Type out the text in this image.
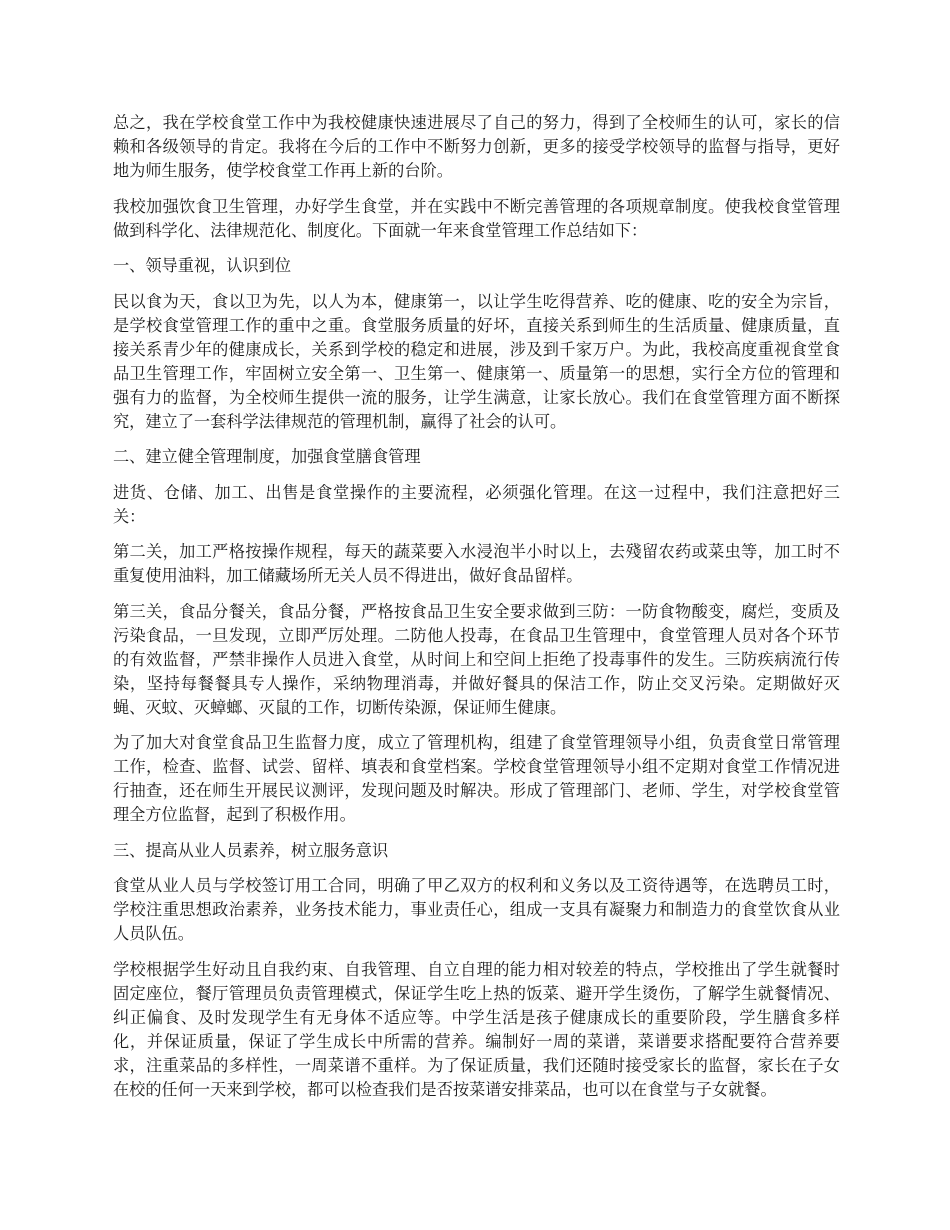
总之，我在学校食堂工作中为我校健康快速进展尽了自己的努力，得到了全校师生的认可，家长的信赖和各级领导的肯定。我将在今后的工作中不断努力创新，更多的接受学校领导的监督与指导，更好地为师生服务，使学校食堂工作再上新的台阶。

我校加强饮食卫生管理，办好学生食堂，并在实践中不断完善管理的各项规章制度。使我校食堂管理做到科学化、法律规范化、制度化。下面就一年来食堂管理工作总结如下：

一、领导重视，认识到位

民以食为天，食以卫为先，以人为本，健康第一，以让学生吃得营养、吃的健康、吃的安全为宗旨，是学校食堂管理工作的重中之重。食堂服务质量的好坏，直接关系到师生的生活质量、健康质量，直接关系青少年的健康成长，关系到学校的稳定和进展，涉及到千家万户。为此，我校高度重视食堂食品卫生管理工作，牢固树立安全第一、卫生第一、健康第一、质量第一的思想，实行全方位的管理和强有力的监督，为全校师生提供一流的服务，让学生满意，让家长放心。我们在食堂管理方面不断探究，建立了一套科学法律规范的管理机制，赢得了社会的认可。

二、建立健全管理制度，加强食堂膳食管理

进货、仓储、加工、出售是食堂操作的主要流程，必须强化管理。在这一过程中，我们注意把好三关：

第二关，加工严格按操作规程，每天的蔬菜要入水浸泡半小时以上，去殘留农药或菜虫等，加工时不重复使用油料，加工储藏场所无关人员不得进出，做好食品留样。

第三关，食品分餐关，食品分餐，严格按食品卫生安全要求做到三防：一防食物酸变，腐烂，变质及污染食品，一旦发现，立即严厉处理。二防他人投毒，在食品卫生管理中，食堂管理人员对各个环节的有效监督，严禁非操作人员进入食堂，从时间上和空间上拒绝了投毒事件的发生。三防疾病流行传染，坚持每餐餐具专人操作，采纳物理消毒，并做好餐具的保洁工作，防止交叉污染。定期做好灭蝇、灭蚊、灭蟑螂、灭鼠的工作，切断传染源，保证师生健康。

为了加大对食堂食品卫生监督力度，成立了管理机构，组建了食堂管理领导小组，负责食堂日常管理工作，检查、监督、试尝、留样、填表和食堂档案。学校食堂管理领导小组不定期对食堂工作情况进行抽查，还在师生开展民议测评，发现问题及时解决。形成了管理部门、老师、学生，对学校食堂管理全方位监督，起到了积极作用。

三、提高从业人员素养，树立服务意识

食堂从业人员与学校签订用工合同，明确了甲乙双方的权利和义务以及工资待遇等，在选聘员工时，学校注重思想政治素养，业务技术能力，事业责任心，组成一支具有凝聚力和制造力的食堂饮食从业人员队伍。

学校根据学生好动且自我约束、自我管理、自立自理的能力相对较差的特点，学校推出了学生就餐时固定座位，餐厅管理员负责管理模式，保证学生吃上热的饭菜、避开学生烫伤，了解学生就餐情况、纠正偏食、及时发现学生有无身体不适应等。中学生活是孩子健康成长的重要阶段，学生膳食多样化，并保证质量，保证了学生成长中所需的营养。编制好一周的菜谱，菜谱要求搭配要符合营养要求，注重菜品的多样性，一周菜谱不重样。为了保证质量，我们还随时接受家长的监督，家长在子女在校的任何一天来到学校，都可以检查我们是否按菜谱安排菜品，也可以在食堂与子女就餐。
